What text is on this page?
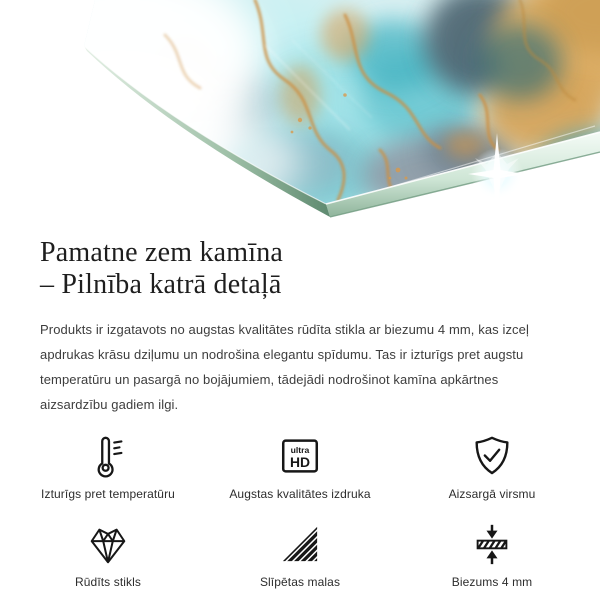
Pamatne zem kamīna
– Pilnība katrā detaļā

Produkts ir izgatavots no augstas kvalitātes rūdīta stikla ar biezumu 4 mm, kas izceļ apdrukas krāsu dziļumu un nodrošina elegantu spīdumu. Tas ir izturīgs pret augstu temperatūru un pasargā no bojājumiem, tādejādi nodrošinot kamīna apkārtnes aizsardzību gadiem ilgi.

Izturīgs pret temperatūru
ultra
HD
Augstas kvalitātes izdruka	Aizsargā virsmu
Rūdīts stikls	Slīpētas malas	Biezums 4 mm
